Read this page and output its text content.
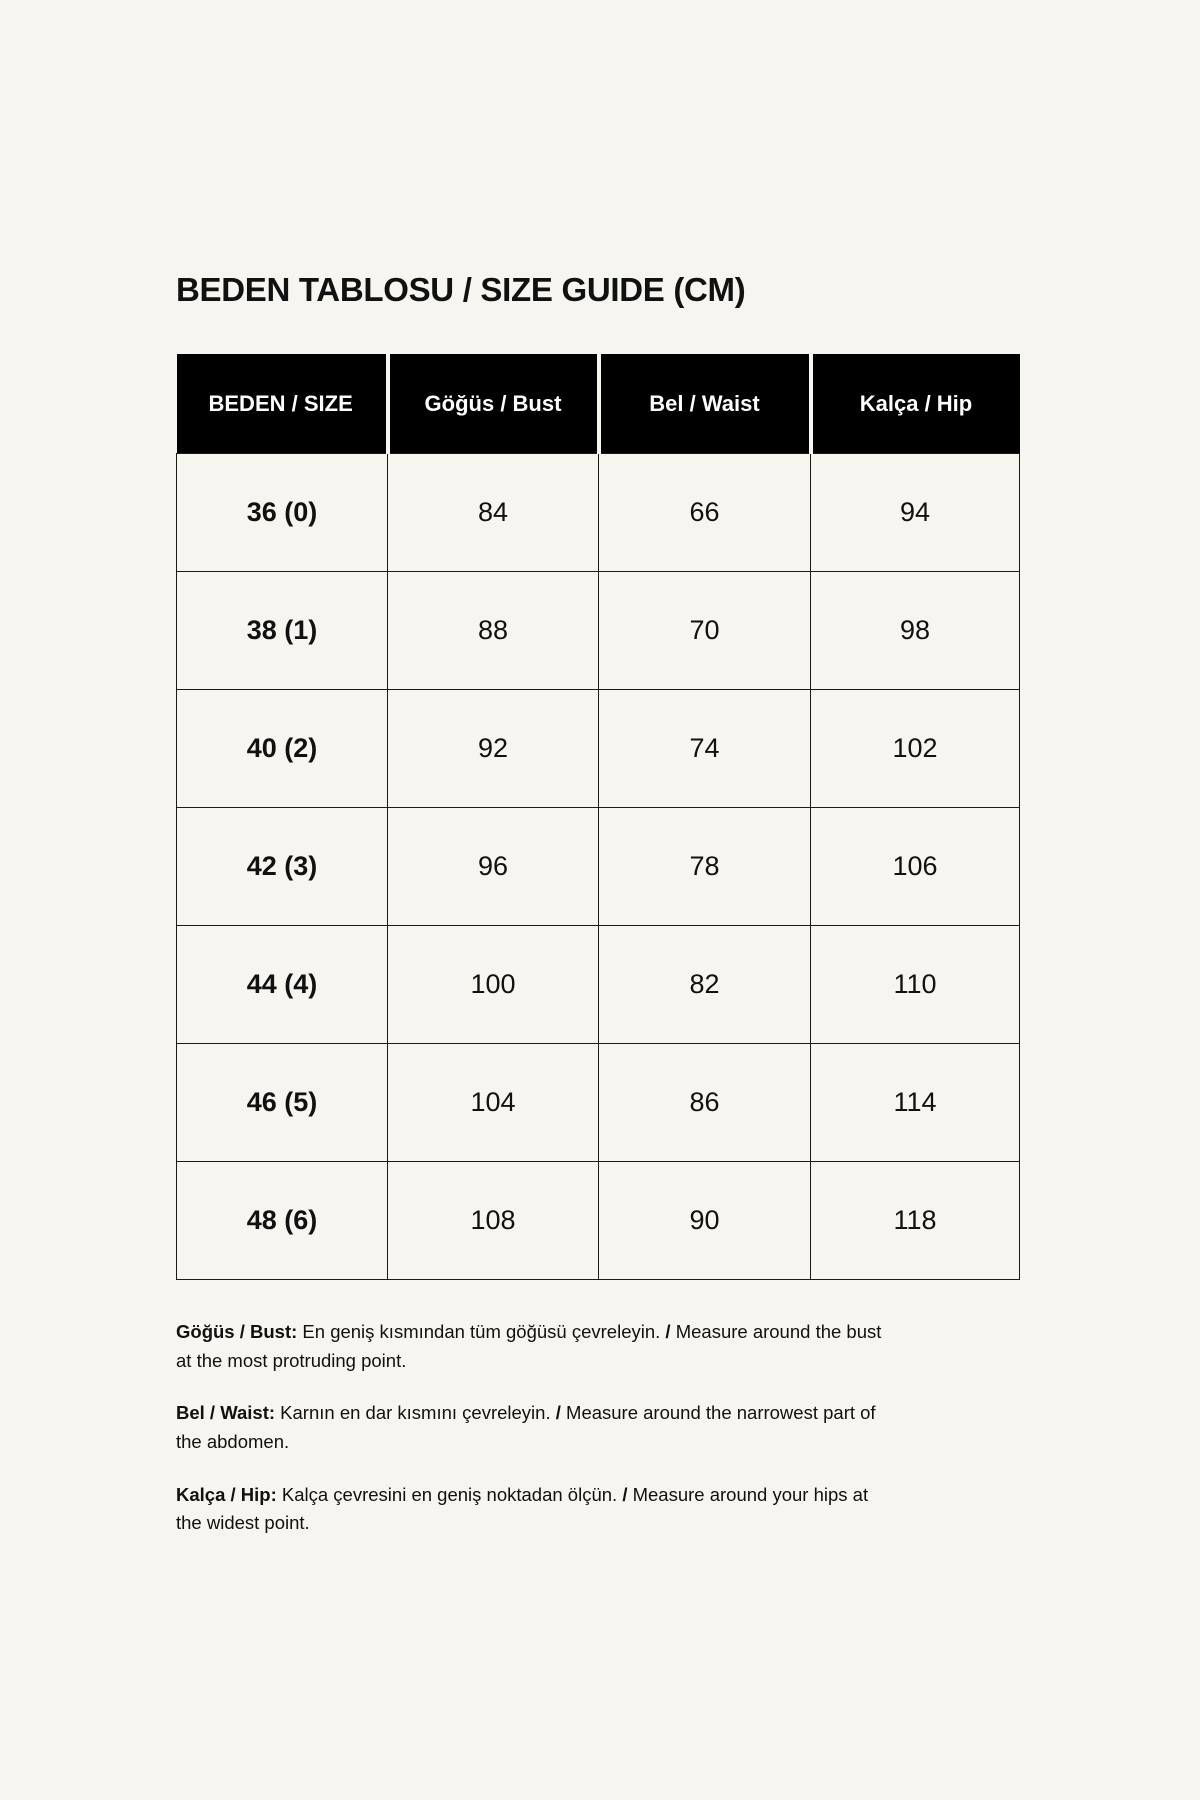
BEDEN TABLOSU / SIZE GUIDE (CM)
BEDEN / SIZE	Göğüs / Bust	Bel / Waist	Kalça / Hip
36 (0)	84	66	94
38 (1)	88	70	98
40 (2)	92	74	102
42 (3)	96	78	106
44 (4)	100	82	110
46 (5)	104	86	114
48 (6)	108	90	118

Göğüs / Bust: En geniş kısmından tüm göğüsü çevreleyin. / Measure around the bust at the most protruding point.

Bel / Waist: Karnın en dar kısmını çevreleyin. / Measure around the narrowest part of the abdomen.

Kalça / Hip: Kalça çevresini en geniş noktadan ölçün. / Measure around your hips at the widest point.
